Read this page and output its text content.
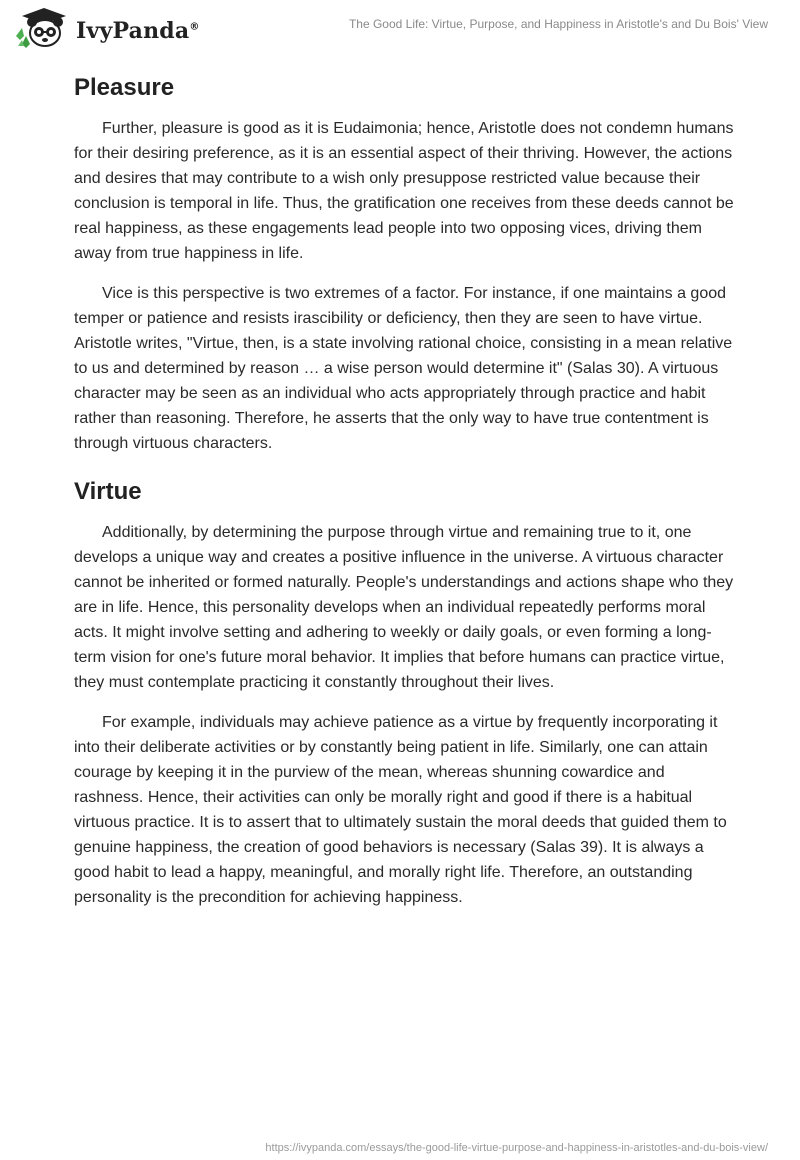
IvyPanda®	The Good Life: Virtue, Purpose, and Happiness in Aristotle's and Du Bois' View
Pleasure

Further, pleasure is good as it is Eudaimonia; hence, Aristotle does not condemn humans for their desiring preference, as it is an essential aspect of their thriving. However, the actions and desires that may contribute to a wish only presuppose restricted value because their conclusion is temporal in life. Thus, the gratification one receives from these deeds cannot be real happiness, as these engagements lead people into two opposing vices, driving them away from true happiness in life.

Vice is this perspective is two extremes of a factor. For instance, if one maintains a good temper or patience and resists irascibility or deficiency, then they are seen to have virtue. Aristotle writes, "Virtue, then, is a state involving rational choice, consisting in a mean relative to us and determined by reason … a wise person would determine it" (Salas 30). A virtuous character may be seen as an individual who acts appropriately through practice and habit rather than reasoning. Therefore, he asserts that the only way to have true contentment is through virtuous characters.

Virtue

Additionally, by determining the purpose through virtue and remaining true to it, one develops a unique way and creates a positive influence in the universe. A virtuous character cannot be inherited or formed naturally. People's understandings and actions shape who they are in life. Hence, this personality develops when an individual repeatedly performs moral acts. It might involve setting and adhering to weekly or daily goals, or even forming a long-term vision for one's future moral behavior. It implies that before humans can practice virtue, they must contemplate practicing it constantly throughout their lives.

For example, individuals may achieve patience as a virtue by frequently incorporating it into their deliberate activities or by constantly being patient in life. Similarly, one can attain courage by keeping it in the purview of the mean, whereas shunning cowardice and rashness. Hence, their activities can only be morally right and good if there is a habitual virtuous practice. It is to assert that to ultimately sustain the moral deeds that guided them to genuine happiness, the creation of good behaviors is necessary (Salas 39). It is always a good habit to lead a happy, meaningful, and morally right life. Therefore, an outstanding personality is the precondition for achieving happiness.

https://ivypanda.com/essays/the-good-life-virtue-purpose-and-happiness-in-aristotles-and-du-bois-view/
